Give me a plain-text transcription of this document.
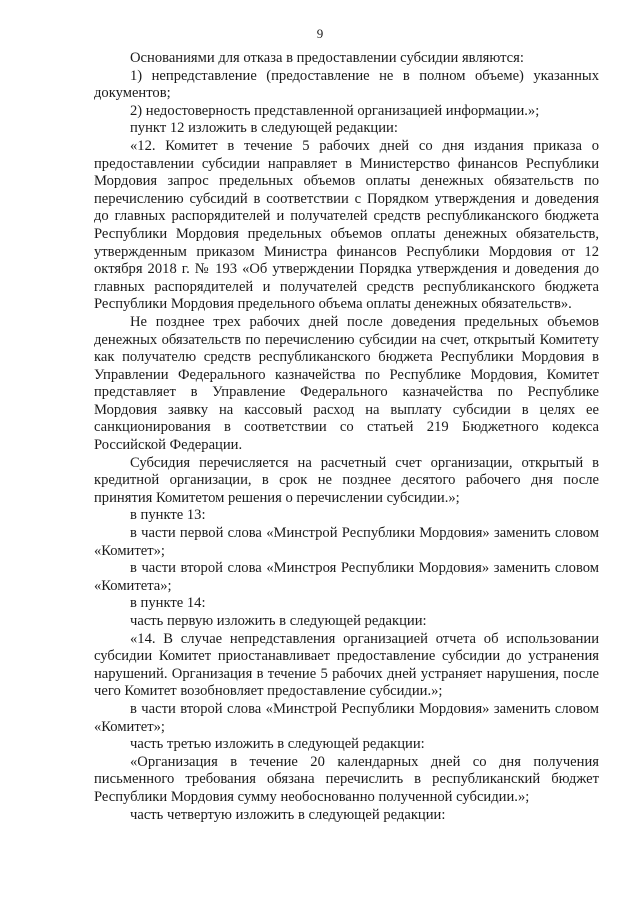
9

Основаниями для отказа в предоставлении субсидии являются:

1) непредставление (предоставление не в полном объеме) указанных документов;

2) недостоверность представленной организацией информации.»;

пункт 12 изложить в следующей редакции:

«12. Комитет в течение 5 рабочих дней со дня издания приказа о предоставлении субсидии направляет в Министерство финансов Республики Мордовия запрос предельных объемов оплаты денежных обязательств по перечислению субсидий в соответствии с Порядком утверждения и доведения до главных распорядителей и получателей средств республиканского бюджета Республики Мордовия предельных объемов оплаты денежных обязательств, утвержденным приказом Министра финансов Республики Мордовия от 12 октября 2018 г. № 193 «Об утверждении Порядка утверждения и доведения до главных распорядителей и получателей средств республиканского бюджета Республики Мордовия предельного объема оплаты денежных обязательств».

Не позднее трех рабочих дней после доведения предельных объемов денежных обязательств по перечислению субсидии на счет, открытый Комитету как получателю средств республиканского бюджета Республики Мордовия в Управлении Федерального казначейства по Республике Мордовия, Комитет представляет в Управление Федерального казначейства по Республике Мордовия заявку на кассовый расход на выплату субсидии в целях ее санкционирования в соответствии со статьей 219 Бюджетного кодекса Российской Федерации.

Субсидия перечисляется на расчетный счет организации, открытый в кредитной организации, в срок не позднее десятого рабочего дня после принятия Комитетом решения о перечислении субсидии.»;

в пункте 13:

в части первой слова «Минстрой Республики Мордовия» заменить словом «Комитет»;

в части второй слова «Минстроя Республики Мордовия» заменить словом «Комитета»;

в пункте 14:

часть первую изложить в следующей редакции:

«14. В случае непредставления организацией отчета об использовании субсидии Комитет приостанавливает предоставление субсидии до устранения нарушений. Организация в течение 5 рабочих дней устраняет нарушения, после чего Комитет возобновляет предоставление субсидии.»;

в части второй слова «Минстрой Республики Мордовия» заменить словом «Комитет»;

часть третью изложить в следующей редакции:

«Организация в течение 20 календарных дней со дня получения письменного требования обязана перечислить в республиканский бюджет Республики Мордовия сумму необоснованно полученной субсидии.»;

часть четвертую изложить в следующей редакции:
